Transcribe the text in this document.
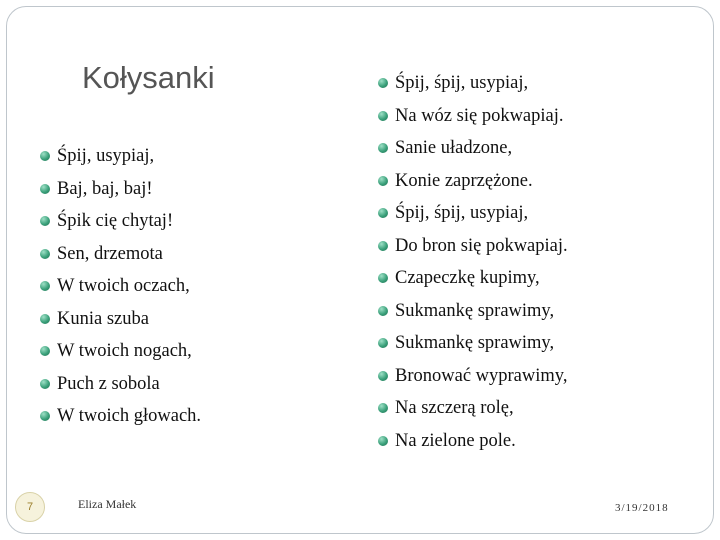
Kołysanki
Śpij, usypiaj,
Baj, baj, baj!
Śpik cię chytaj!
Sen, drzemota
W twoich oczach,
Kunia szuba
W twoich nogach,
Puch z sobola
W twoich głowach.
Śpij, śpij, usypiaj,
Na wóz się pokwapiaj.
Sanie uładzone,
Konie zaprzężone.
Śpij, śpij, usypiaj,
Do bron się pokwapiaj.
Czapeczkę kupimy,
Sukmankę sprawimy,
Sukmankę sprawimy,
Bronować wyprawimy,
Na szczerą rolę,
Na zielone pole.
7	Eliza Małek	3/19/2018
